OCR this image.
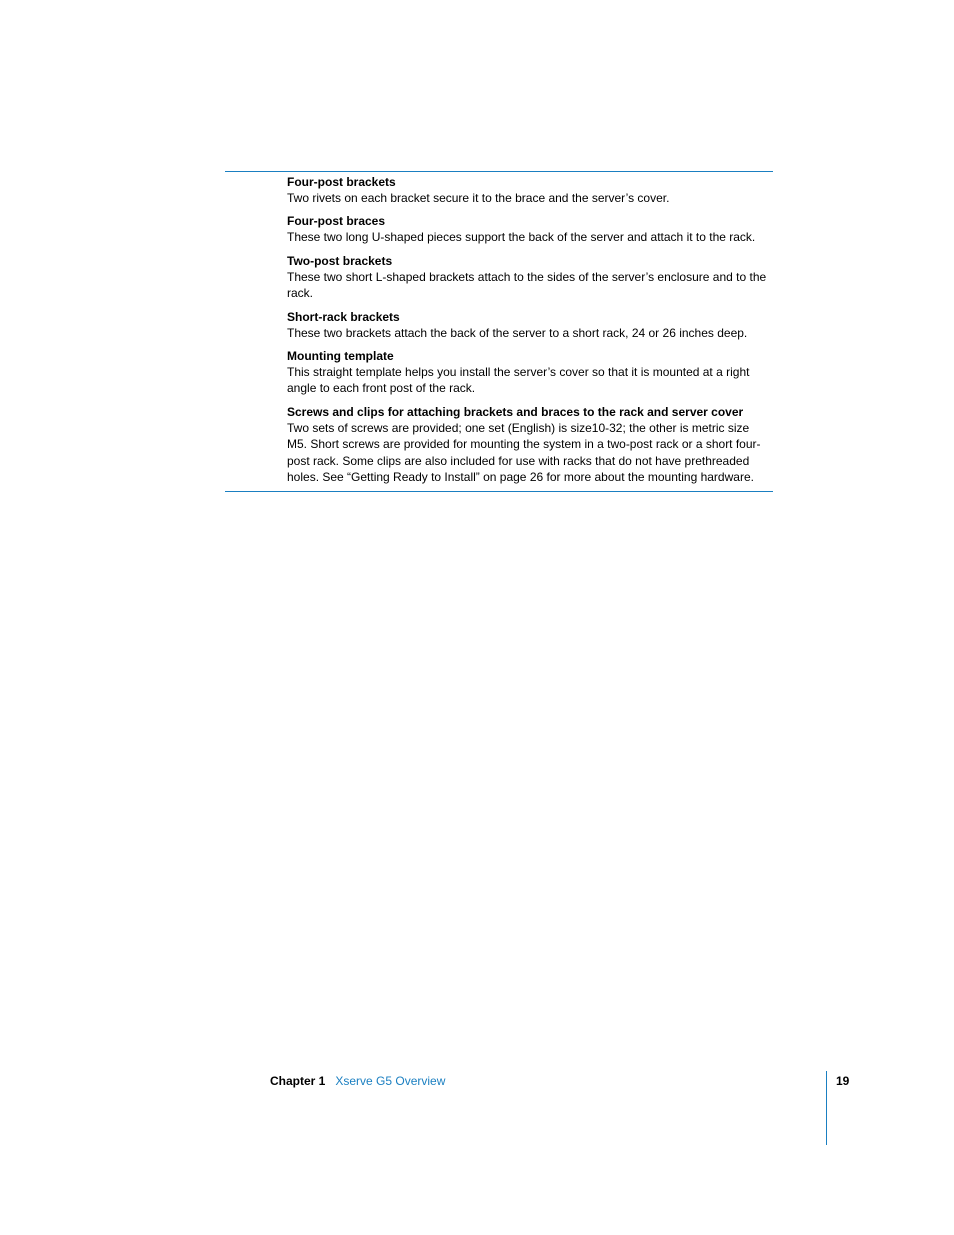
Four-post brackets
Two rivets on each bracket secure it to the brace and the server’s cover.
Four-post braces
These two long U-shaped pieces support the back of the server and attach it to the rack.
Two-post brackets
These two short L-shaped brackets attach to the sides of the server’s enclosure and to the rack.
Short-rack brackets
These two brackets attach the back of the server to a short rack, 24 or 26 inches deep.
Mounting template
This straight template helps you install the server’s cover so that it is mounted at a right angle to each front post of the rack.
Screws and clips for attaching brackets and braces to the rack and server cover
Two sets of screws are provided; one set (English) is size10-32; the other is metric size M5. Short screws are provided for mounting the system in a two-post rack or a short four-post rack. Some clips are also included for use with racks that do not have prethreaded holes. See “Getting Ready to Install” on page 26 for more about the mounting hardware.
Chapter 1 Xserve G5 Overview	19
